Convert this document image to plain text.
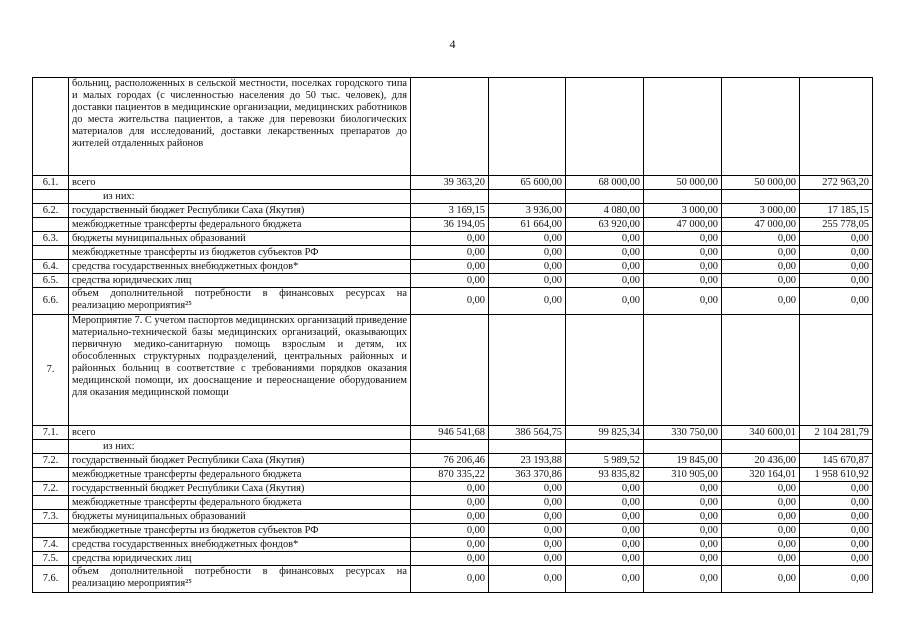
4
	больниц, расположенных в сельской местности, поселках городского типа и малых городах (с численностью населения до 50 тыс. человек), для доставки пациентов в медицинские организации, медицинских работников до места жительства пациентов, а также для перевозки биологических материалов для исследований, доставки лекарственных препаратов до жителей отдаленных районов						
6.1.	всего	39 363,20	65 600,00	68 000,00	50 000,00	50 000,00	272 963,20
	из них:						
6.2.	государственный бюджет Республики Саха (Якутия)	3 169,15	3 936,00	4 080,00	3 000,00	3 000,00	17 185,15
	межбюджетные трансферты федерального бюджета	36 194,05	61 664,00	63 920,00	47 000,00	47 000,00	255 778,05
6.3.	бюджеты муниципальных образований	0,00	0,00	0,00	0,00	0,00	0,00
	межбюджетные трансферты из бюджетов субъектов РФ	0,00	0,00	0,00	0,00	0,00	0,00
6.4.	средства государственных внебюджетных фондов*	0,00	0,00	0,00	0,00	0,00	0,00
6.5.	средства юридических лиц	0,00	0,00	0,00	0,00	0,00	0,00
6.6.	объем дополнительной потребности в финансовых ресурсах на реализацию мероприятия²⁵	0,00	0,00	0,00	0,00	0,00	0,00
7.	Мероприятие 7. С учетом паспортов медицинских организаций приведение материально-технической базы медицинских организаций, оказывающих первичную медико-санитарную помощь взрослым и детям, их обособленных структурных подразделений, центральных районных и районных больниц в соответствие с требованиями порядков оказания медицинской помощи, их дооснащение и переоснащение оборудованием для оказания медицинской помощи						
7.1.	всего	946 541,68	386 564,75	99 825,34	330 750,00	340 600,01	2 104 281,79
	из них:						
7.2.	государственный бюджет Республики Саха (Якутия)	76 206,46	23 193,88	5 989,52	19 845,00	20 436,00	145 670,87
	межбюджетные трансферты федерального бюджета	870 335,22	363 370,86	93 835,82	310 905,00	320 164,01	1 958 610,92
7.2.	государственный бюджет Республики Саха (Якутия)	0,00	0,00	0,00	0,00	0,00	0,00
	межбюджетные трансферты федерального бюджета	0,00	0,00	0,00	0,00	0,00	0,00
7.3.	бюджеты муниципальных образований	0,00	0,00	0,00	0,00	0,00	0,00
	межбюджетные трансферты из бюджетов субъектов РФ	0,00	0,00	0,00	0,00	0,00	0,00
7.4.	средства государственных внебюджетных фондов*	0,00	0,00	0,00	0,00	0,00	0,00
7.5.	средства юридических лиц	0,00	0,00	0,00	0,00	0,00	0,00
7.6.	объем дополнительной потребности в финансовых ресурсах на реализацию мероприятия²⁵	0,00	0,00	0,00	0,00	0,00	0,00
